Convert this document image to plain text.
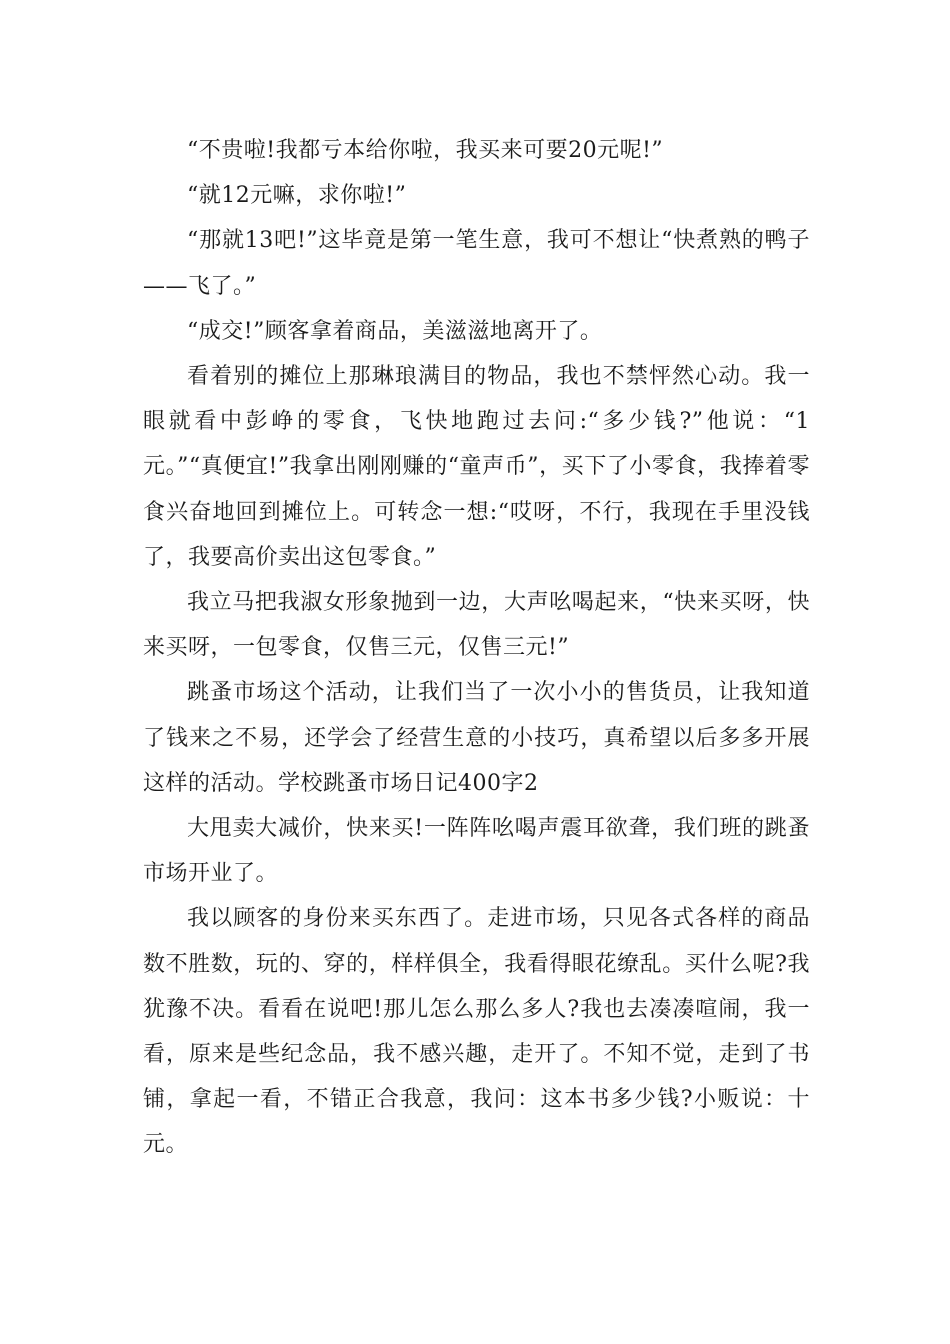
“不贵啦!我都亏本给你啦，我买来可要20元呢!”

“就12元嘛，求你啦!”

“那就13吧!”这毕竟是第一笔生意，我可不想让“快煮熟的鸭子——飞了。”

“成交!”顾客拿着商品，美滋滋地离开了。

看着别的摊位上那琳琅满目的物品，我也不禁怦然心动。我一眼就看中彭峥的零食，飞快地跑过去问:“多少钱?”他说：“1元。”“真便宜!”我拿出刚刚赚的“童声币”，买下了小零食，我捧着零食兴奋地回到摊位上。可转念一想:“哎呀，不行，我现在手里没钱了，我要高价卖出这包零食。”

我立马把我淑女形象抛到一边，大声吆喝起来，“快来买呀，快来买呀，一包零食，仅售三元，仅售三元!”

跳蚤市场这个活动，让我们当了一次小小的售货员，让我知道了钱来之不易，还学会了经营生意的小技巧，真希望以后多多开展这样的活动。学校跳蚤市场日记400字2

大甩卖大减价，快来买!一阵阵吆喝声震耳欲聋，我们班的跳蚤市场开业了。

我以顾客的身份来买东西了。走进市场，只见各式各样的商品数不胜数，玩的、穿的，样样俱全，我看得眼花缭乱。买什么呢?我犹豫不决。看看在说吧!那儿怎么那么多人?我也去凑凑喧闹，我一看，原来是些纪念品，我不感兴趣，走开了。不知不觉，走到了书铺，拿起一看，不错正合我意，我问：这本书多少钱?小贩说：十元。
